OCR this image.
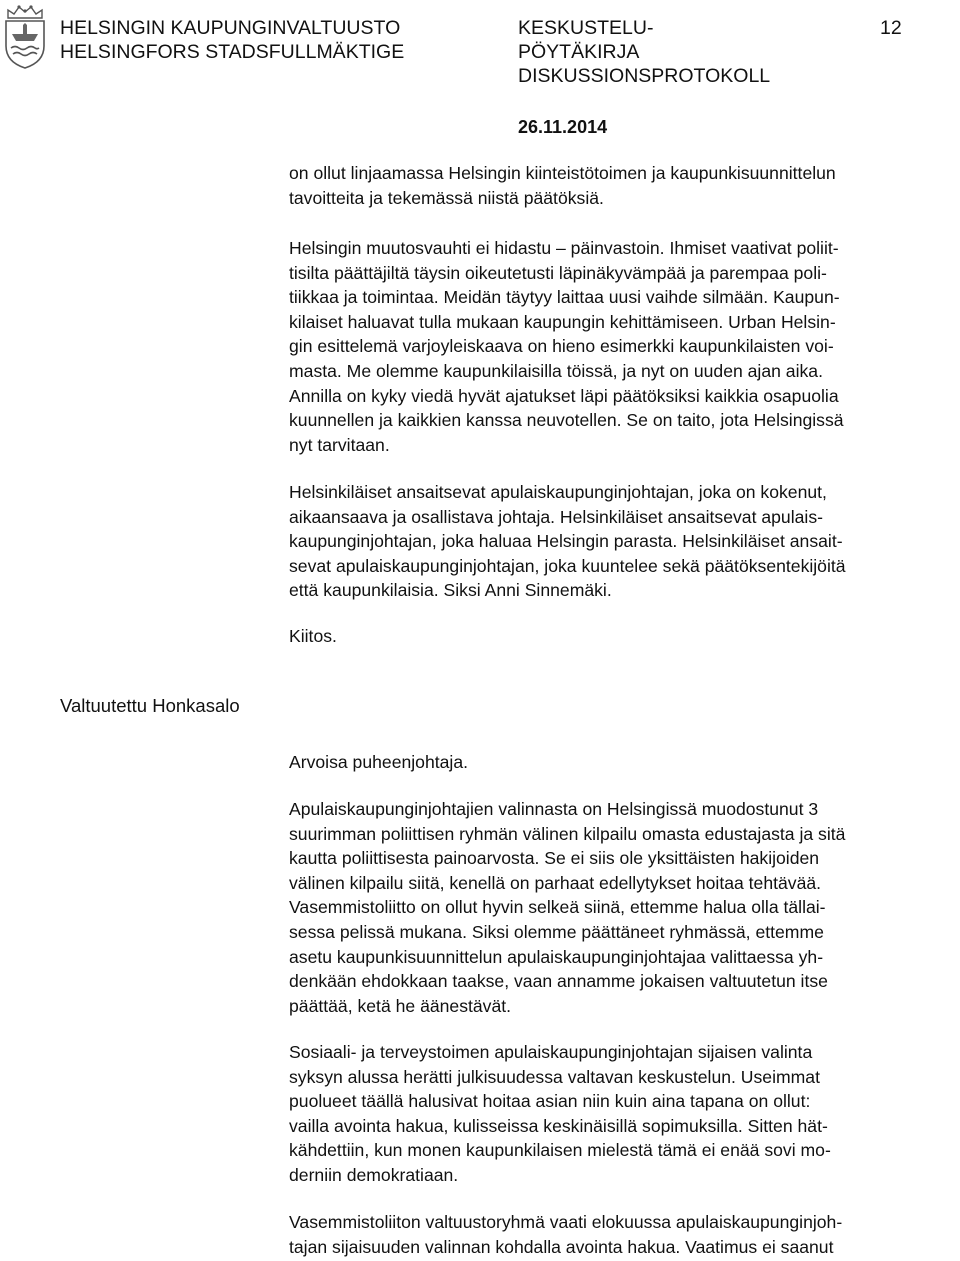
HELSINGIN KAUPUNGINVALTUUSTO
HELSINGFORS STADSFULLMÄKTIGE
KESKUSTELU-
PÖYTÄKIRJA
DISKUSSIONSPROTOKOLL
12
26.11.2014

on ollut linjaamassa Helsingin kiinteistötoimen ja kaupunkisuunnittelun

tavoitteita ja tekemässä niistä päätöksiä.

Helsingin muutosvauhti ei hidastu – päinvastoin. Ihmiset vaativat poliit-

tisilta päättäjiltä täysin oikeutetusti läpinäkyvämpää ja parempaa poli-

tiikkaa ja toimintaa. Meidän täytyy laittaa uusi vaihde silmään. Kaupun-

kilaiset haluavat tulla mukaan kaupungin kehittämiseen. Urban Helsin-

gin esittelemä varjoyleiskaava on hieno esimerkki kaupunkilaisten voi-

masta. Me olemme kaupunkilaisilla töissä, ja nyt on uuden ajan aika.

Annilla on kyky viedä hyvät ajatukset läpi päätöksiksi kaikkia osapuolia

kuunnellen ja kaikkien kanssa neuvotellen. Se on taito, jota Helsingissä

nyt tarvitaan.

Helsinkiläiset ansaitsevat apulaiskaupunginjohtajan, joka on kokenut,

aikaansaava ja osallistava johtaja. Helsinkiläiset ansaitsevat apulais-

kaupunginjohtajan, joka haluaa Helsingin parasta. Helsinkiläiset ansait-

sevat apulaiskaupunginjohtajan, joka kuuntelee sekä päätöksentekijöitä

että kaupunkilaisia. Siksi Anni Sinnemäki.

Kiitos.

Valtuutettu Honkasalo

Arvoisa puheenjohtaja.

Apulaiskaupunginjohtajien valinnasta on Helsingissä muodostunut 3

suurimman poliittisen ryhmän välinen kilpailu omasta edustajasta ja sitä

kautta poliittisesta painoarvosta. Se ei siis ole yksittäisten hakijoiden

välinen kilpailu siitä, kenellä on parhaat edellytykset hoitaa tehtävää.

Vasemmistoliitto on ollut hyvin selkeä siinä, ettemme halua olla tällai-

sessa pelissä mukana. Siksi olemme päättäneet ryhmässä, ettemme

asetu kaupunkisuunnittelun apulaiskaupunginjohtajaa valittaessa yh-

denkään ehdokkaan taakse, vaan annamme jokaisen valtuutetun itse

päättää, ketä he äänestävät.

Sosiaali- ja terveystoimen apulaiskaupunginjohtajan sijaisen valinta

syksyn alussa herätti julkisuudessa valtavan keskustelun. Useimmat

puolueet täällä halusivat hoitaa asian niin kuin aina tapana on ollut:

vailla avointa hakua, kulisseissa keskinäisillä sopimuksilla. Sitten hät-

kähdettiin, kun monen kaupunkilaisen mielestä tämä ei enää sovi mo-

derniin demokratiaan.

Vasemmistoliiton valtuustoryhmä vaati elokuussa apulaiskaupunginjoh-

tajan sijaisuuden valinnan kohdalla avointa hakua. Vaatimus ei saanut
